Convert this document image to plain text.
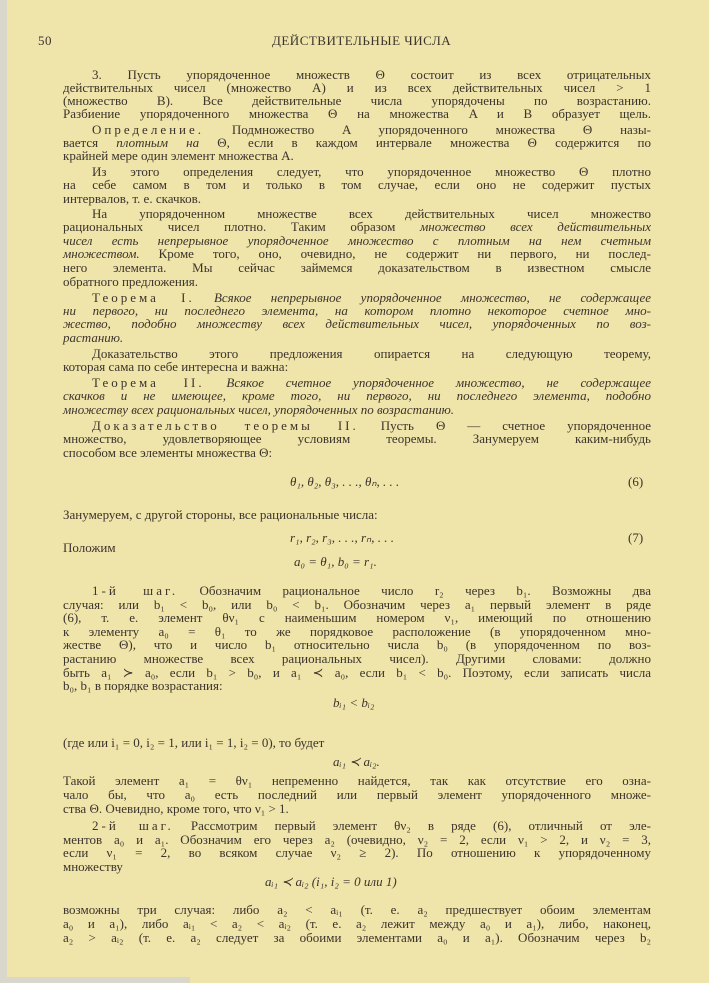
50	ДЕЙСТВИТЕЛЬНЫЕ ЧИСЛА
3. Пусть упорядоченное множеств Θ состоит из всех отрицательных
действительных чисел (множество A) и из всех действительных чисел > 1
(множество B). Все действительные числа упорядочены по возрастанию.
Разбиение упорядоченного множества Θ на множества A и B образует щель.
Определение. Подмножество A упорядоченного множества Θ назы-
вается плотным на Θ, если в каждом интервале множества Θ содержится по
крайней мере один элемент множества A.
Из этого определения следует, что упорядоченное множество Θ плотно
на себе самом в том и только в том случае, если оно не содержит пустых
интервалов, т. е. скачков.
На упорядоченном множестве всех действительных чисел множество
рациональных чисел плотно. Таким образом множество всех действительных
чисел есть непрерывное упорядоченное множество с плотным на нем счетным
множеством. Кроме того, оно, очевидно, не содержит ни первого, ни послед-
него элемента. Мы сейчас займемся доказательством в известном смысле
обратного предложения.
Теорема I. Всякое непрерывное упорядоченное множество, не содержащее
ни первого, ни последнего элемента, на котором плотно некоторое счетное мно-
жество, подобно множеству всех действительных чисел, упорядоченных по воз-
растанию.
Доказательство этого предложения опирается на следующую теорему,
которая сама по себе интересна и важна:
Теорема II. Всякое счетное упорядоченное множество, не содержащее
скачков и не имеющее, кроме того, ни первого, ни последнего элемента, подобно
множеству всех рациональных чисел, упорядоченных по возрастанию.
Доказательство теоремы II. Пусть Θ — счетное упорядоченное
множество, удовлетворяющее условиям теоремы. Занумеруем каким-нибудь
способом все элементы множества Θ:
θ₁, θ₂, θ₃, . . ., θₙ, . . .	(6)
Занумеруем, с другой стороны, все рациональные числа:
r₁, r₂, r₃, . . ., rₙ, . . .	(7)
Положим
a₀ = θ₁, b₀ = r₁.
1-й шаг. Обозначим рациональное число r₂ через b₁. Возможны два
случая: или b₁ < b₀, или b₀ < b₁. Обозначим через a₁ первый элемент в ряде
(6), т. е. элемент θν₁ с наименьшим номером ν₁, имеющий по отношению
к элементу a₀ = θ₁ то же порядковое расположение (в упорядоченном мно-
жестве Θ), что и число b₁ относительно числа b₀ (в упорядоченном по воз-
растанию множестве всех рациональных чисел). Другими словами: должно
быть a₁ ≻ a₀, если b₁ > b₀, и a₁ ≺ a₀, если b₁ < b₀. Поэтому, если записать числа
b₀, b₁ в порядке возрастания:
bᵢ₁ < bᵢ₂
(где или i₁ = 0, i₂ = 1, или i₁ = 1, i₂ = 0), то будет
aᵢ₁ ≺ aᵢ₂.
Такой элемент a₁ = θν₁ непременно найдется, так как отсутствие его озна-
чало бы, что a₀ есть последний или первый элемент упорядоченного множе-
ства Θ. Очевидно, кроме того, что ν₁ > 1.
2-й шаг. Рассмотрим первый элемент θν₂ в ряде (6), отличный от эле-
ментов a₀ и a₁. Обозначим его через a₂ (очевидно, ν₂ = 2, если ν₁ > 2, и ν₂ = 3,
если ν₁ = 2, во всяком случае ν₂ ≥ 2). По отношению к упорядоченному
множеству
aᵢ₁ ≺ aᵢ₂ (i₁, i₂ = 0 или 1)
возможны три случая: либо a₂ < aᵢ₁ (т. е. a₂ предшествует обоим элементам
a₀ и a₁), либо aᵢ₁ < a₂ < aᵢ₂ (т. е. a₂ лежит между a₀ и a₁), либо, наконец,
a₂ > aᵢ₂ (т. е. a₂ следует за обоими элементами a₀ и a₁). Обозначим через b₂
